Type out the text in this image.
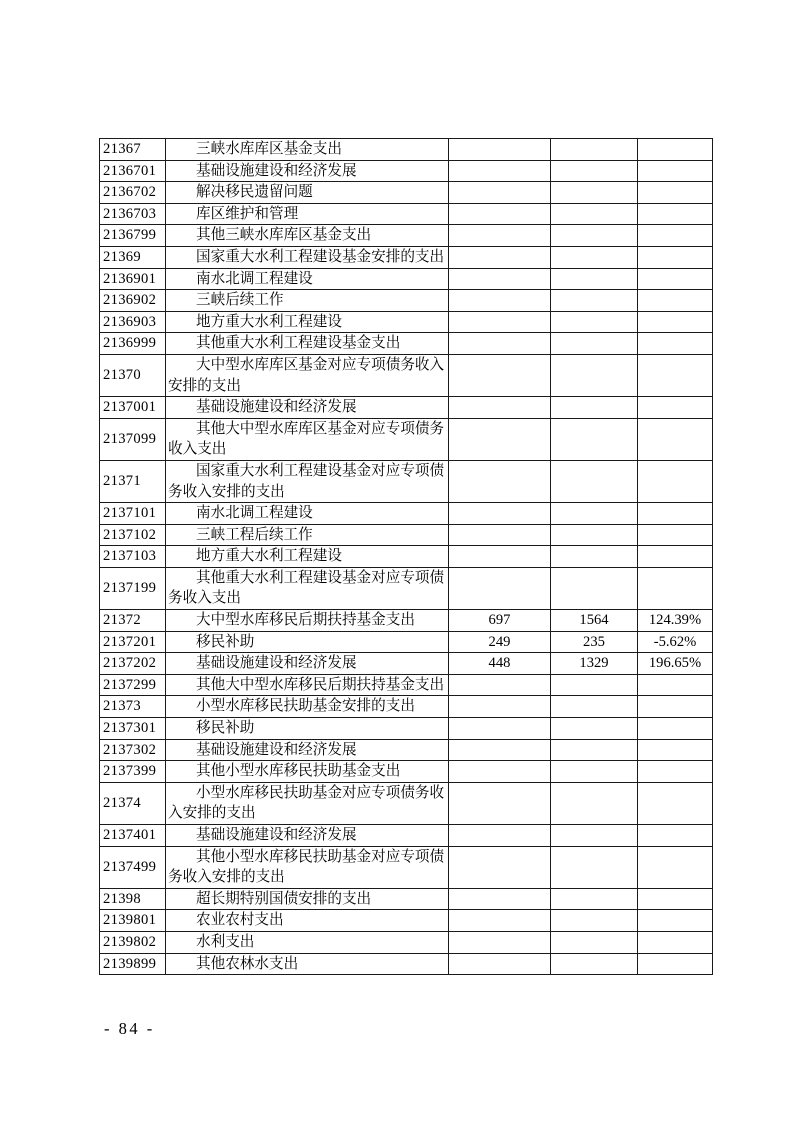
21367	三峡水库库区基金支出			
2136701	基础设施建设和经济发展			
2136702	解决移民遗留问题			
2136703	库区维护和管理			
2136799	其他三峡水库库区基金支出			
21369	国家重大水利工程建设基金安排的支出			
2136901	南水北调工程建设			
2136902	三峡后续工作			
2136903	地方重大水利工程建设			
2136999	其他重大水利工程建设基金支出			
21370	大中型水库库区基金对应专项债务收入安排的支出			
2137001	基础设施建设和经济发展			
2137099	其他大中型水库库区基金对应专项债务收入支出			
21371	国家重大水利工程建设基金对应专项债务收入安排的支出			
2137101	南水北调工程建设			
2137102	三峡工程后续工作			
2137103	地方重大水利工程建设			
2137199	其他重大水利工程建设基金对应专项债务收入支出			
21372	大中型水库移民后期扶持基金支出	697	1564	124.39%
2137201	移民补助	249	235	-5.62%
2137202	基础设施建设和经济发展	448	1329	196.65%
2137299	其他大中型水库移民后期扶持基金支出			
21373	小型水库移民扶助基金安排的支出			
2137301	移民补助			
2137302	基础设施建设和经济发展			
2137399	其他小型水库移民扶助基金支出			
21374	小型水库移民扶助基金对应专项债务收入安排的支出			
2137401	基础设施建设和经济发展			
2137499	其他小型水库移民扶助基金对应专项债务收入安排的支出			
21398	超长期特别国债安排的支出			
2139801	农业农村支出			
2139802	水利支出			
2139899	其他农林水支出			
- 84 -
